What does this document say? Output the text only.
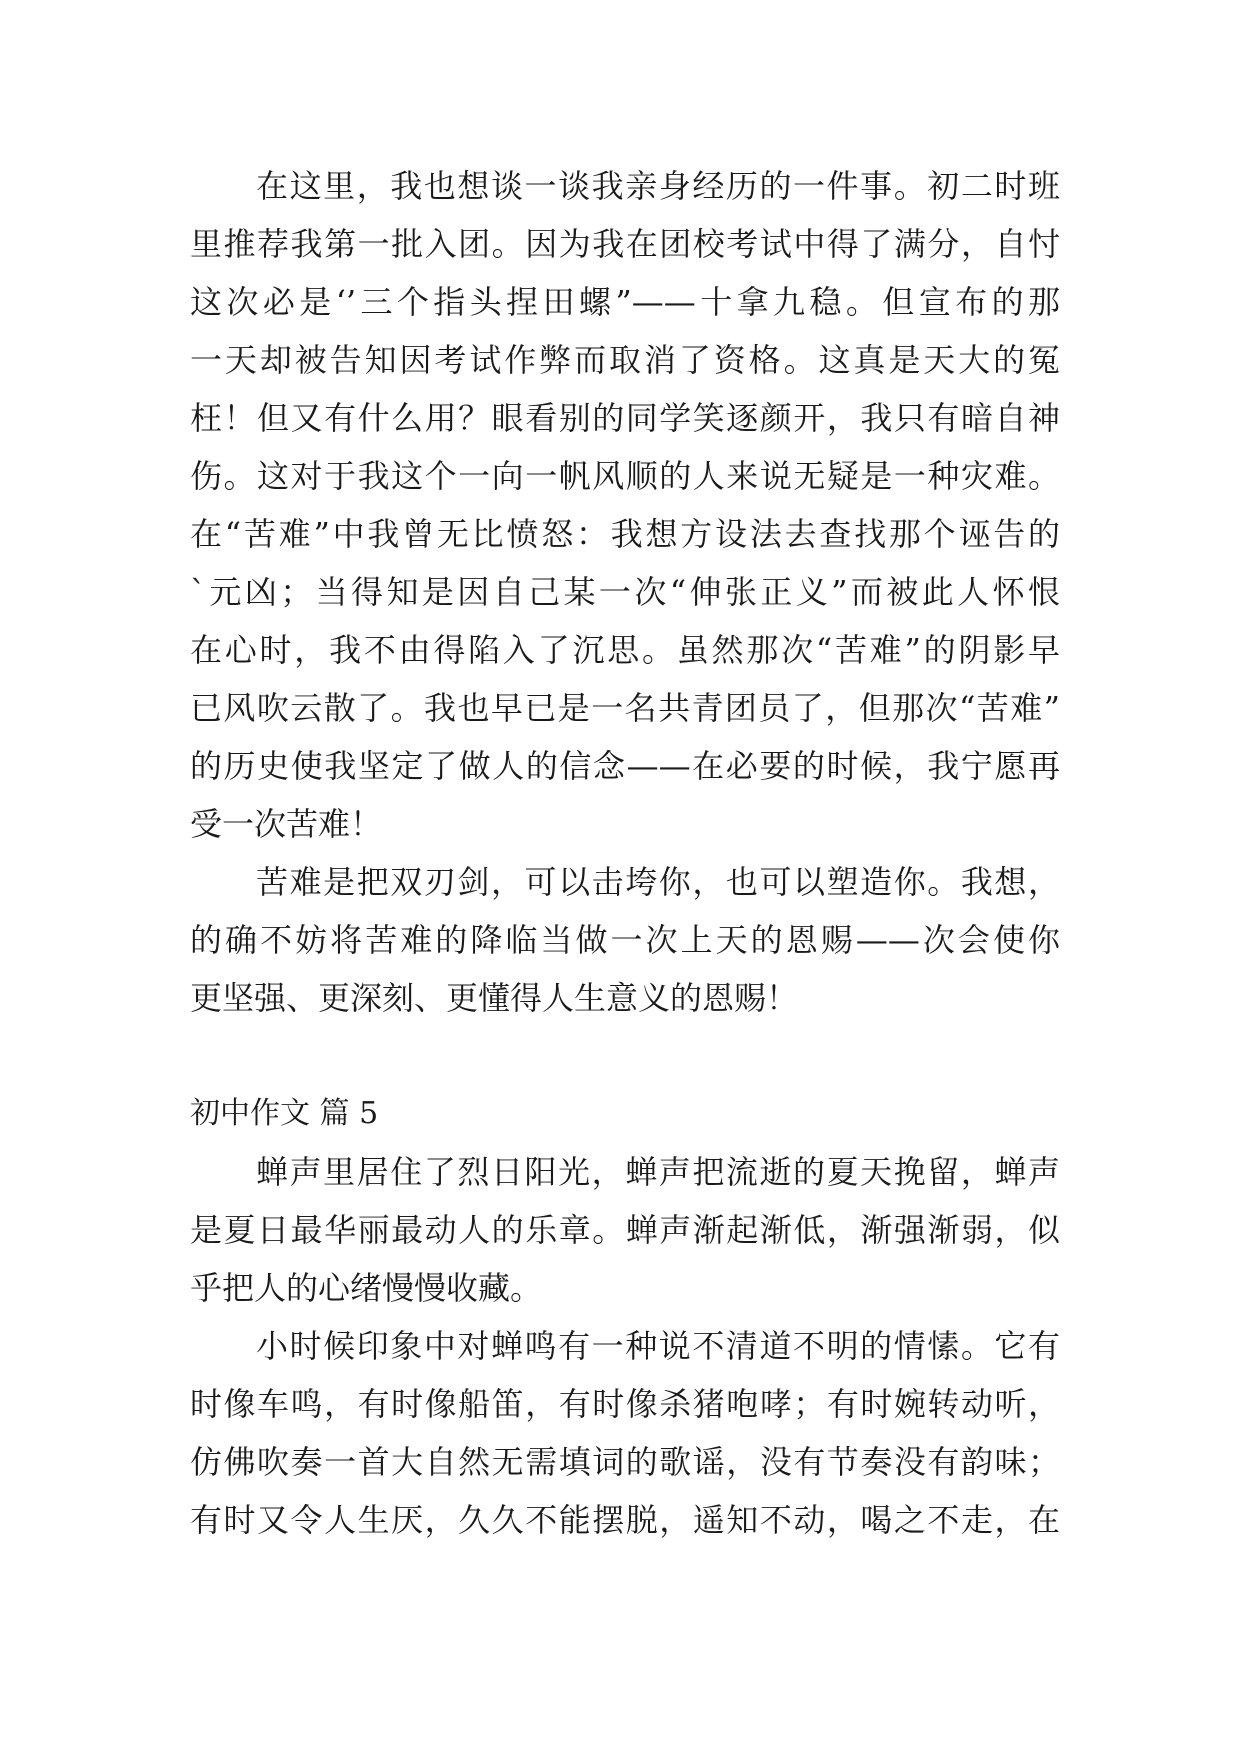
在这里，我也想谈一谈我亲身经历的一件事。初二时班
里推荐我第一批入团。因为我在团校考试中得了满分，自忖
这次必是‘’三个指头捏田螺”——十拿九稳。但宣布的那
一天却被告知因考试作弊而取消了资格。这真是天大的冤
枉！但又有什么用？眼看别的同学笑逐颜开，我只有暗自神
伤。这对于我这个一向一帆风顺的人来说无疑是一种灾难。
在“苦难”中我曾无比愤怒：我想方设法去查找那个诬告的
`元凶；当得知是因自己某一次“伸张正义”而被此人怀恨
在心时，我不由得陷入了沉思。虽然那次“苦难”的阴影早
已风吹云散了。我也早已是一名共青团员了，但那次“苦难”
的历史使我坚定了做人的信念——在必要的时候，我宁愿再
受一次苦难！
苦难是把双刃剑，可以击垮你，也可以塑造你。我想，
的确不妨将苦难的降临当做一次上天的恩赐——次会使你
更坚强、更深刻、更懂得人生意义的恩赐！
初中作文 篇 5
蝉声里居住了烈日阳光，蝉声把流逝的夏天挽留，蝉声
是夏日最华丽最动人的乐章。蝉声渐起渐低，渐强渐弱，似
乎把人的心绪慢慢收藏。
小时候印象中对蝉鸣有一种说不清道不明的情愫。它有
时像车鸣，有时像船笛，有时像杀猪咆哮；有时婉转动听，
仿佛吹奏一首大自然无需填词的歌谣，没有节奏没有韵味；
有时又令人生厌，久久不能摆脱，遥知不动，喝之不走，在
